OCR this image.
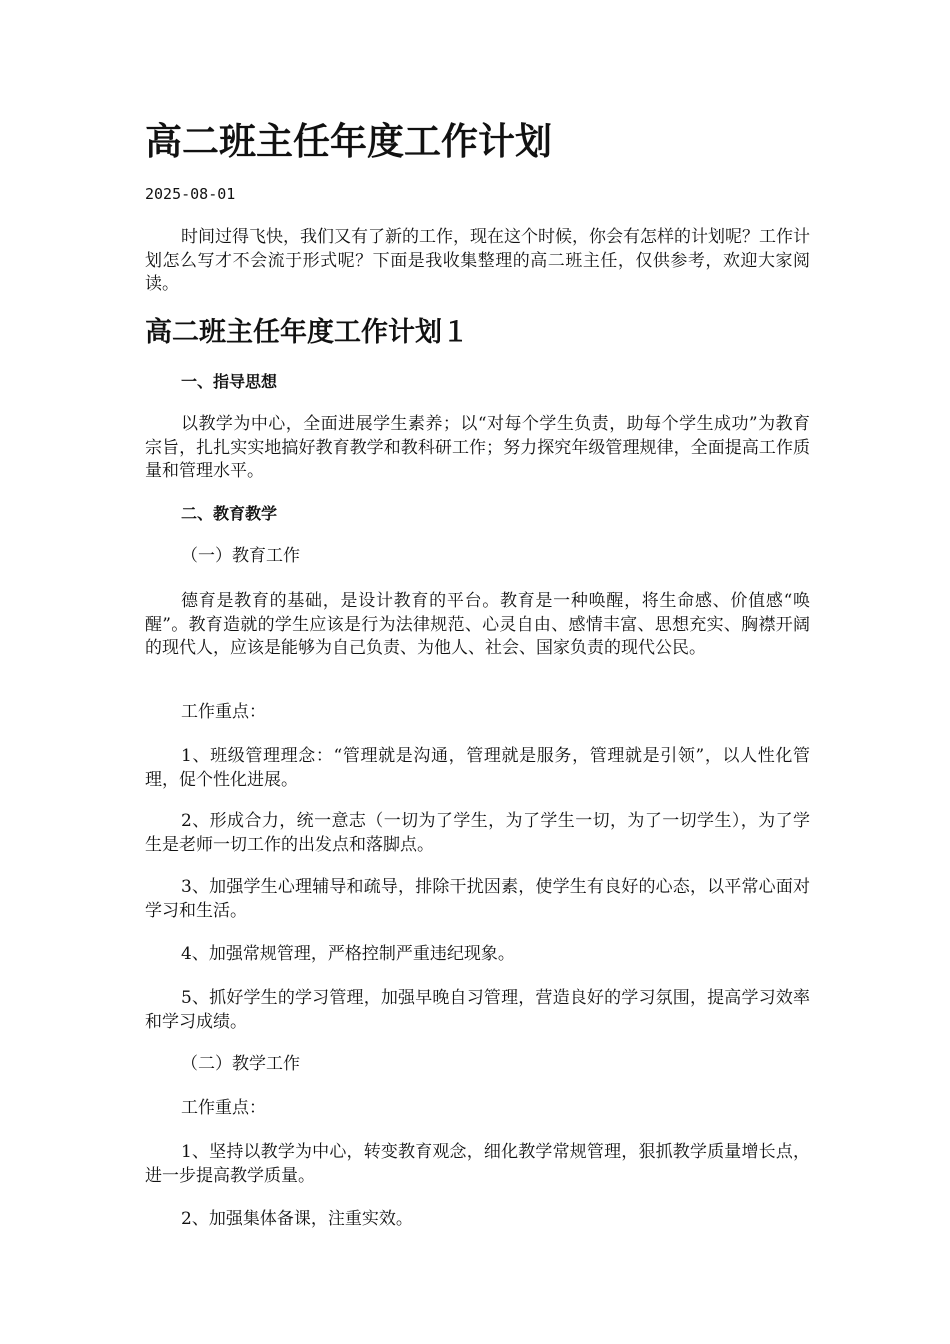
高二班主任年度工作计划
2025-08-01

时间过得飞快，我们又有了新的工作，现在这个时候，你会有怎样的计划呢？工作计划怎么写才不会流于形式呢？下面是我收集整理的高二班主任，仅供参考，欢迎大家阅读。

高二班主任年度工作计划１
一、指导思想

以教学为中心，全面进展学生素养；以“对每个学生负责，助每个学生成功”为教育宗旨，扎扎实实地搞好教育教学和教科研工作；努力探究年级管理规律，全面提高工作质量和管理水平。

二、教育教学
（一）教育工作

德育是教育的基础，是设计教育的平台。教育是一种唤醒，将生命感、价值感“唤醒”。教育造就的学生应该是行为法律规范、心灵自由、感情丰富、思想充实、胸襟开阔的现代人，应该是能够为自己负责、为他人、社会、国家负责的现代公民。

工作重点：

1、班级管理理念：“管理就是沟通，管理就是服务，管理就是引领”，以人性化管理，促个性化进展。

2、形成合力，统一意志（一切为了学生，为了学生一切，为了一切学生），为了学生是老师一切工作的出发点和落脚点。

3、加强学生心理辅导和疏导，排除干扰因素，使学生有良好的心态，以平常心面对学习和生活。

4、加强常规管理，严格控制严重违纪现象。

5、抓好学生的学习管理，加强早晚自习管理，营造良好的学习氛围，提高学习效率和学习成绩。

（二）教学工作
工作重点：

1、坚持以教学为中心，转变教育观念，细化教学常规管理，狠抓教学质量增长点，进一步提高教学质量。

2、加强集体备课，注重实效。
